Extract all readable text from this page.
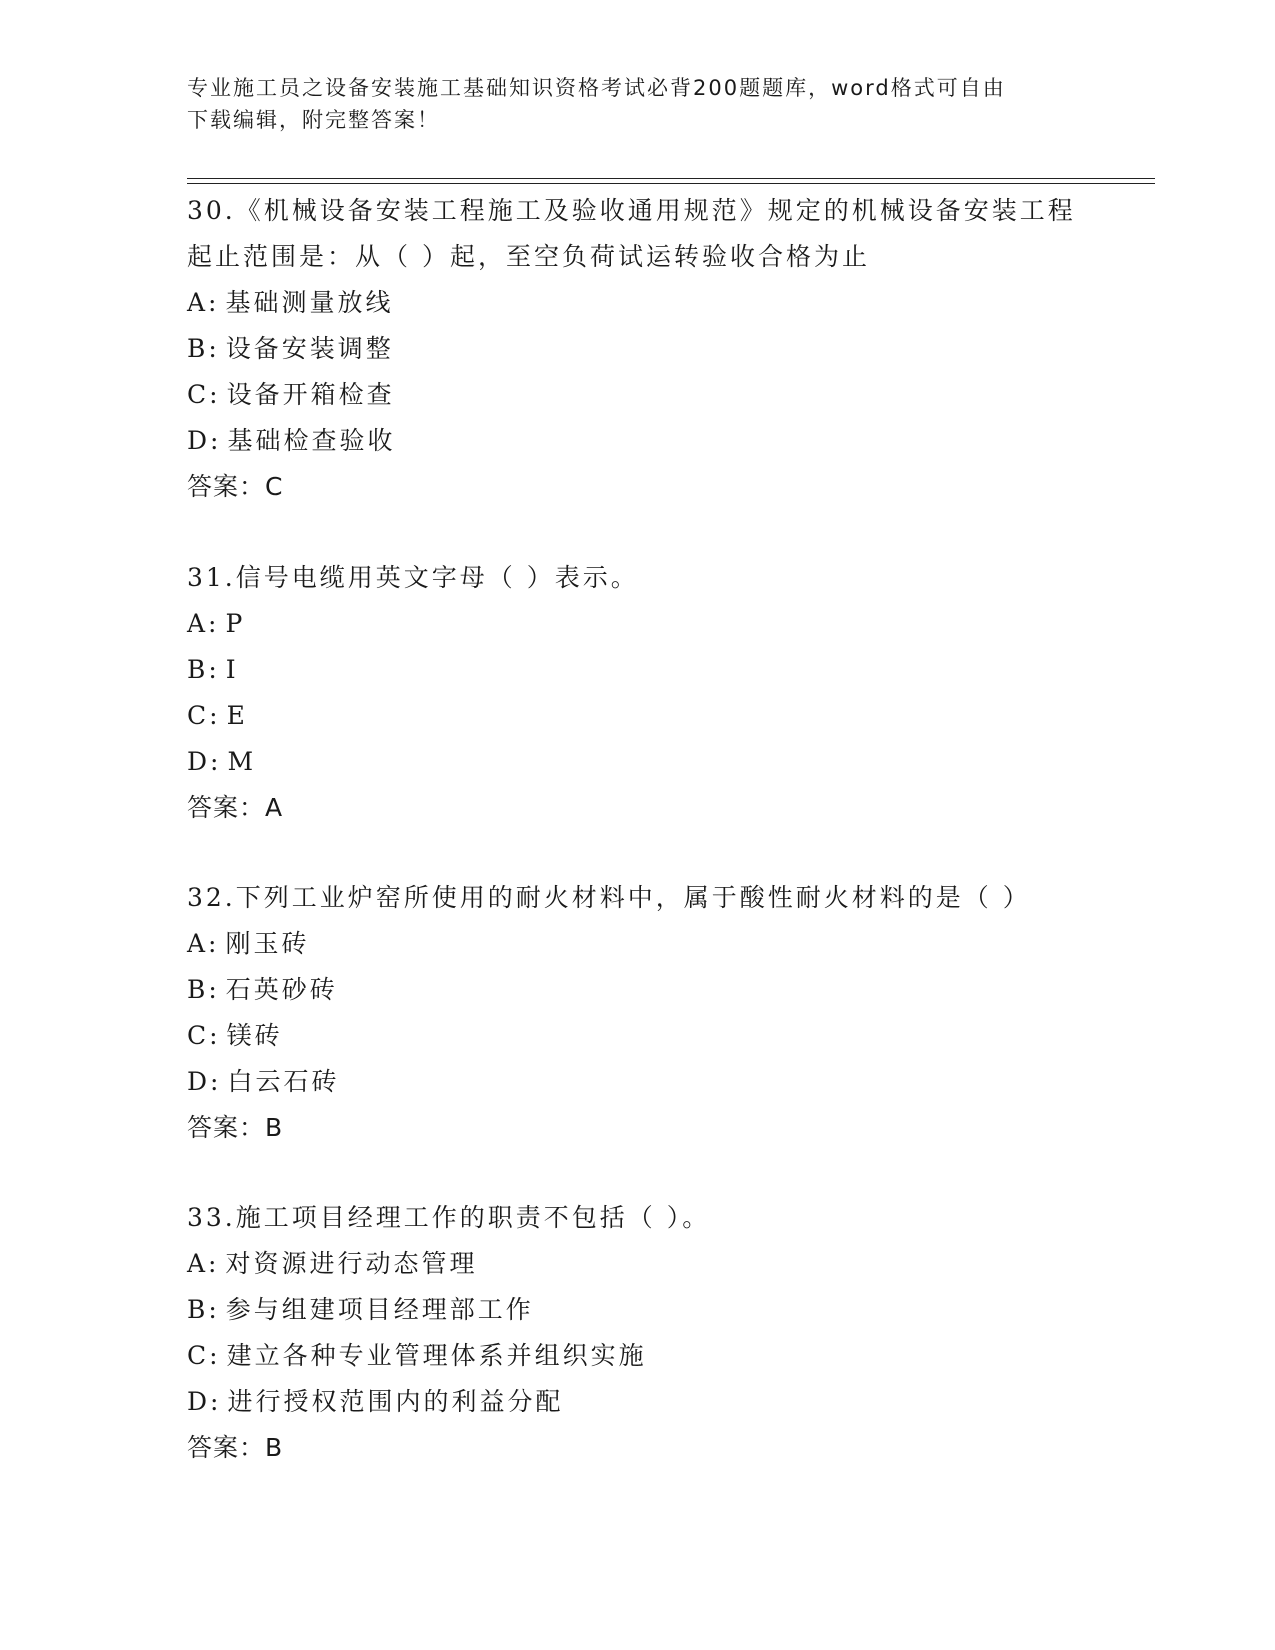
专业施工员之设备安装施工基础知识资格考试必背200题题库，word格式可自由
下载编辑，附完整答案！

30.《机械设备安装工程施工及验收通用规范》规定的机械设备安装工程起止范围是：从（ ）起，至空负荷试运转验收合格为止

A: 基础测量放线
B: 设备安装调整
C: 设备开箱检查
D: 基础检查验收
答案：C

31.信号电缆用英文字母（ ）表示。

A: P
B: I
C: E
D: M
答案：A

32.下列工业炉窑所使用的耐火材料中，属于酸性耐火材料的是（ ）

A: 刚玉砖
B: 石英砂砖
C: 镁砖
D: 白云石砖
答案：B

33.施工项目经理工作的职责不包括（ ）。

A: 对资源进行动态管理
B: 参与组建项目经理部工作
C: 建立各种专业管理体系并组织实施
D: 进行授权范围内的利益分配
答案：B
